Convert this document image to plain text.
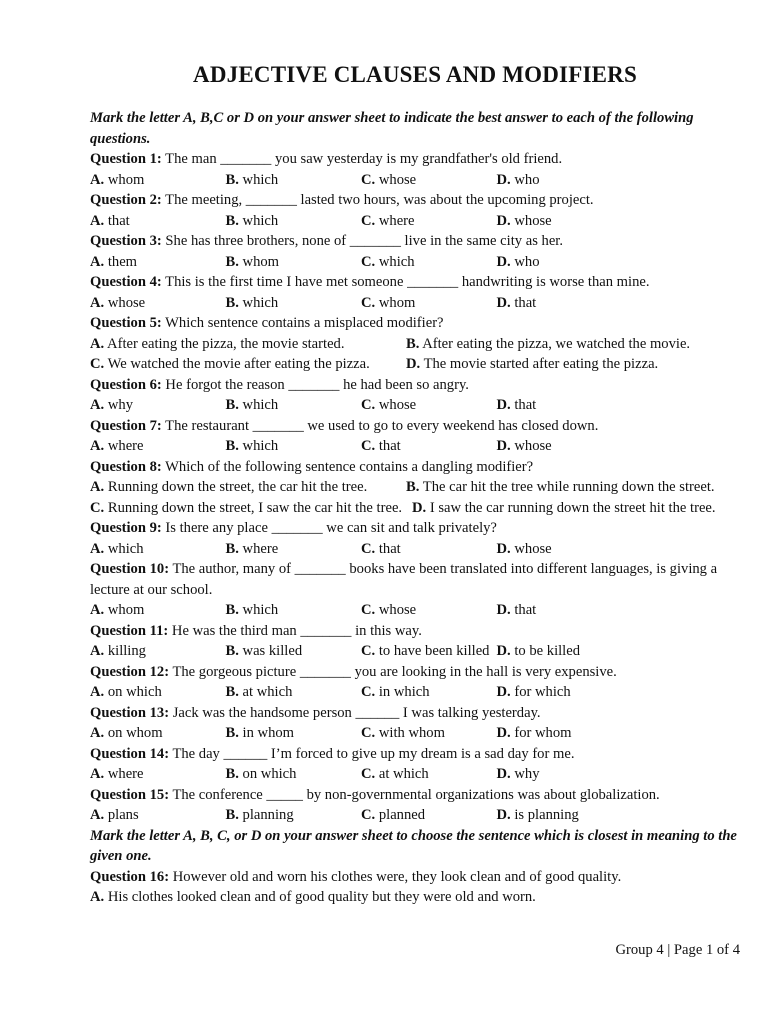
ADJECTIVE CLAUSES AND MODIFIERS
Mark the letter A, B,C or D on your answer sheet to indicate the best answer to each of the following questions.
Question 1: The man _______ you saw yesterday is my grandfather's old friend.
A. whom	B. which	C. whose	D. who
Question 2: The meeting, _______ lasted two hours, was about the upcoming project.
A. that	B. which	C. where	D. whose
Question 3: She has three brothers, none of _______ live in the same city as her.
A. them	B. whom	C. which	D. who
Question 4: This is the first time I have met someone _______ handwriting is worse than mine.
A. whose	B. which	C. whom	D. that
Question 5: Which sentence contains a misplaced modifier?
A. After eating the pizza, the movie started.	B. After eating the pizza, we watched the movie.
C. We watched the movie after eating the pizza.	D. The movie started after eating the pizza.
Question 6: He forgot the reason _______ he had been so angry.
A. why	B. which	C. whose	D. that
Question 7: The restaurant _______ we used to go to every weekend has closed down.
A. where	B. which	C. that	D. whose
Question 8: Which of the following sentence contains a dangling modifier?
A. Running down the street, the car hit the tree.	B. The car hit the tree while running down the street.
C. Running down the street, I saw the car hit the tree. D. I saw the car running down the street hit the tree.
Question 9: Is there any place _______ we can sit and talk privately?
A. which	B. where	C. that	D. whose
Question 10: The author, many of _______ books have been translated into different languages, is giving a lecture at our school.
A. whom	B. which	C. whose	D. that
Question 11: He was the third man _______ in this way.
A. killing	B. was killed	C. to have been killed D. to be killed
Question 12: The gorgeous picture _______ you are looking in the hall is very expensive.
A. on which	B. at which	C. in which	D. for which
Question 13: Jack was the handsome person ______ I was talking yesterday.
A. on whom	B. in whom	C. with whom	D. for whom
Question 14: The day ______ I’m forced to give up my dream is a sad day for me.
A. where	B. on which	C. at which	D. why
Question 15: The conference _____ by non-governmental organizations was about globalization.
A. plans	B. planning	C. planned	D. is planning
Mark the letter A, B, C, or D on your answer sheet to choose the sentence which is closest in meaning to the given one.
Question 16: However old and worn his clothes were, they look clean and of good quality.
A. His clothes looked clean and of good quality but they were old and worn.
Group 4 | Page 1 of 4
